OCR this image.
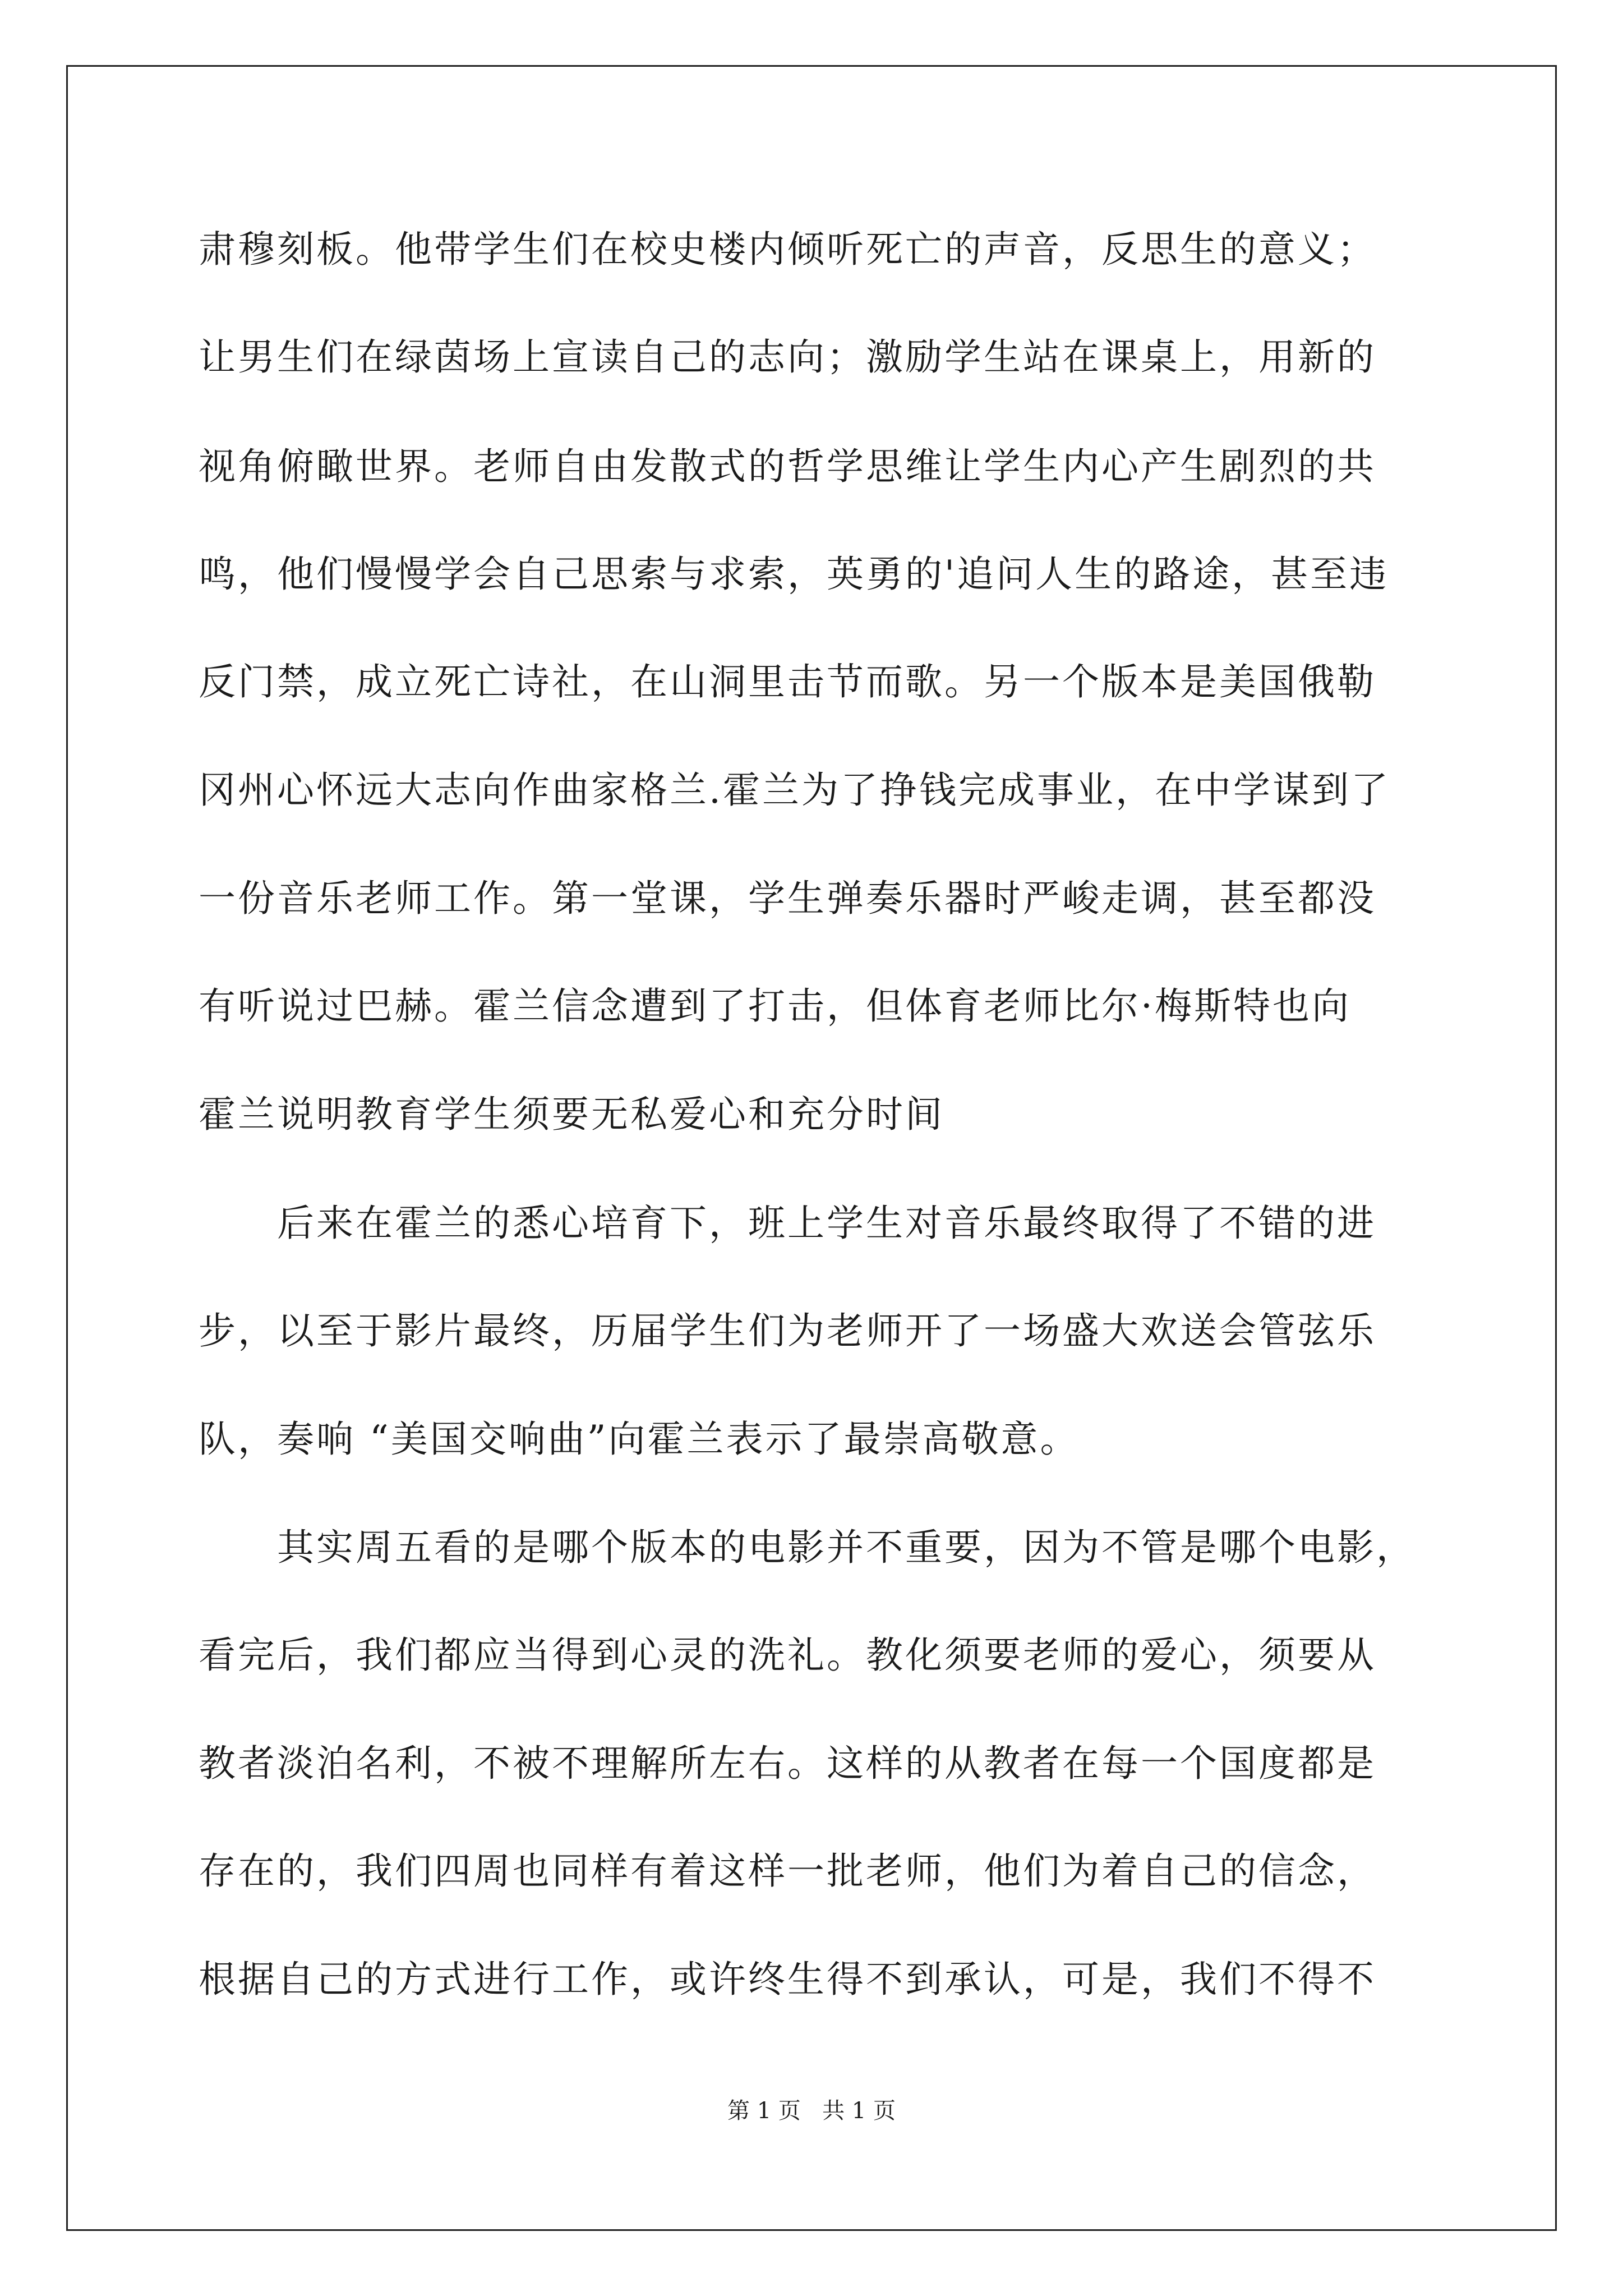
肃穆刻板。他带学生们在校史楼内倾听死亡的声音，反思生的意义；
让男生们在绿茵场上宣读自己的志向；激励学生站在课桌上，用新的
视角俯瞰世界。老师自由发散式的哲学思维让学生内心产生剧烈的共
鸣，他们慢慢学会自己思索与求索，英勇的'追问人生的路途，甚至违
反门禁，成立死亡诗社，在山洞里击节而歌。另一个版本是美国俄勒
冈州心怀远大志向作曲家格兰.霍兰为了挣钱完成事业，在中学谋到了
一份音乐老师工作。第一堂课，学生弹奏乐器时严峻走调，甚至都没
有听说过巴赫。霍兰信念遭到了打击，但体育老师比尔·梅斯特也向
霍兰说明教育学生须要无私爱心和充分时间
　　后来在霍兰的悉心培育下，班上学生对音乐最终取得了不错的进
步，以至于影片最终，历届学生们为老师开了一场盛大欢送会管弦乐
队，奏响 “美国交响曲”向霍兰表示了最崇高敬意。
　　其实周五看的是哪个版本的电影并不重要，因为不管是哪个电影，
看完后，我们都应当得到心灵的洗礼。教化须要老师的爱心，须要从
教者淡泊名利，不被不理解所左右。这样的从教者在每一个国度都是
存在的，我们四周也同样有着这样一批老师，他们为着自己的信念，
根据自己的方式进行工作，或许终生得不到承认，可是，我们不得不
第 1 页   共 1 页
